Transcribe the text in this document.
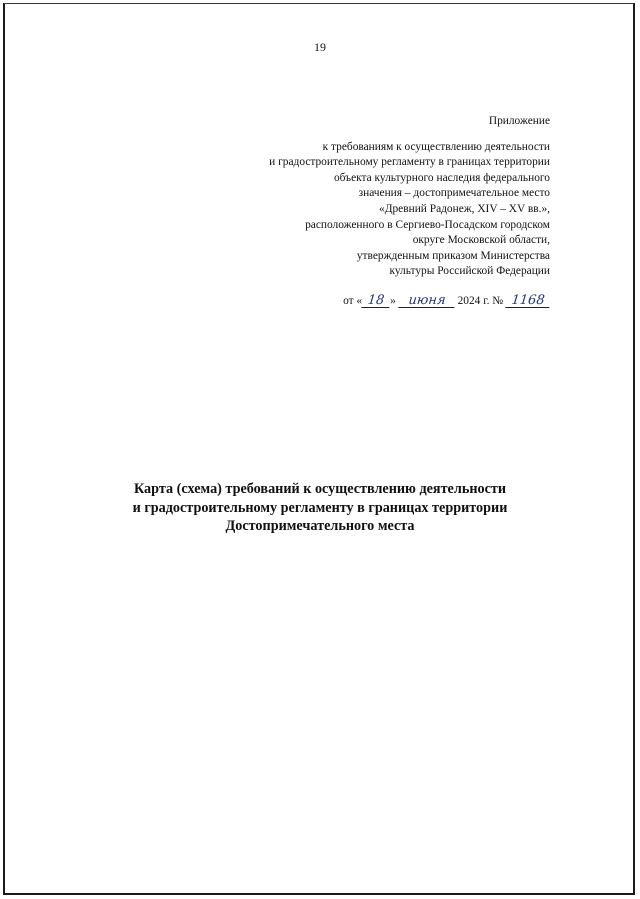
19
Приложение
к требованиям к осуществлению деятельности
и градостроительному регламенту в границах территории
объекта культурного наследия федерального
значения – достопримечательное место
«Древний Радонеж, XIV – XV вв.»,
расположенного в Сергиево-Посадском городском
округе Московской области,
утвержденным приказом Министерства
культуры Российской Федерации
от « 18 » июня 2024 г. № 1168
Карта (схема) требований к осуществлению деятельности
и градостроительному регламенту в границах территории
Достопримечательного места
